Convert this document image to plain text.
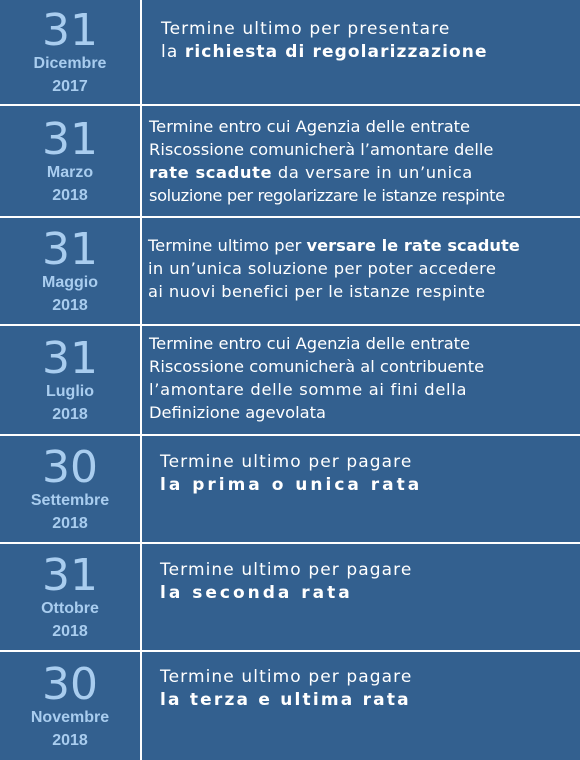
31
Dicembre
2017
Termine ultimo per presentare
la richiesta di regolarizzazione
31
Marzo
2018
Termine entro cui Agenzia delle entrate
Riscossione comunicherà l’amontare delle
rate scadute da versare in un’unica
soluzione per regolarizzare le istanze respinte
31
Maggio
2018
Termine ultimo per versare le rate scadute
in un’unica soluzione per poter accedere
ai nuovi benefici per le istanze respinte
31
Luglio
2018
Termine entro cui Agenzia delle entrate
Riscossione comunicherà al contribuente
l’amontare delle somme ai fini della
Definizione agevolata
30
Settembre
2018
Termine ultimo per pagare
la prima o unica rata
31
Ottobre
2018
Termine ultimo per pagare
la seconda rata
30
Novembre
2018
Termine ultimo per pagare
la terza e ultima rata
